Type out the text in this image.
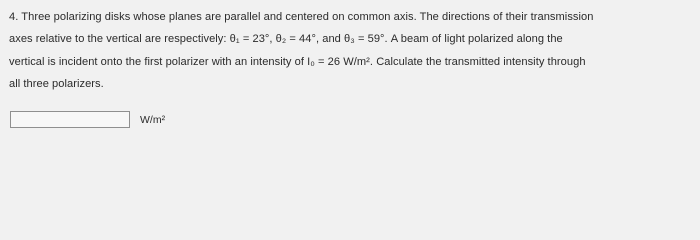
4. Three polarizing disks whose planes are parallel and centered on common axis. The directions of their transmission
axes relative to the vertical are respectively: θ₁ = 23°, θ₂ = 44°, and θ₃ = 59°. A beam of light polarized along the
vertical is incident onto the first polarizer with an intensity of I₀ = 26 W/m². Calculate the transmitted intensity through
all three polarizers.
W/m²
